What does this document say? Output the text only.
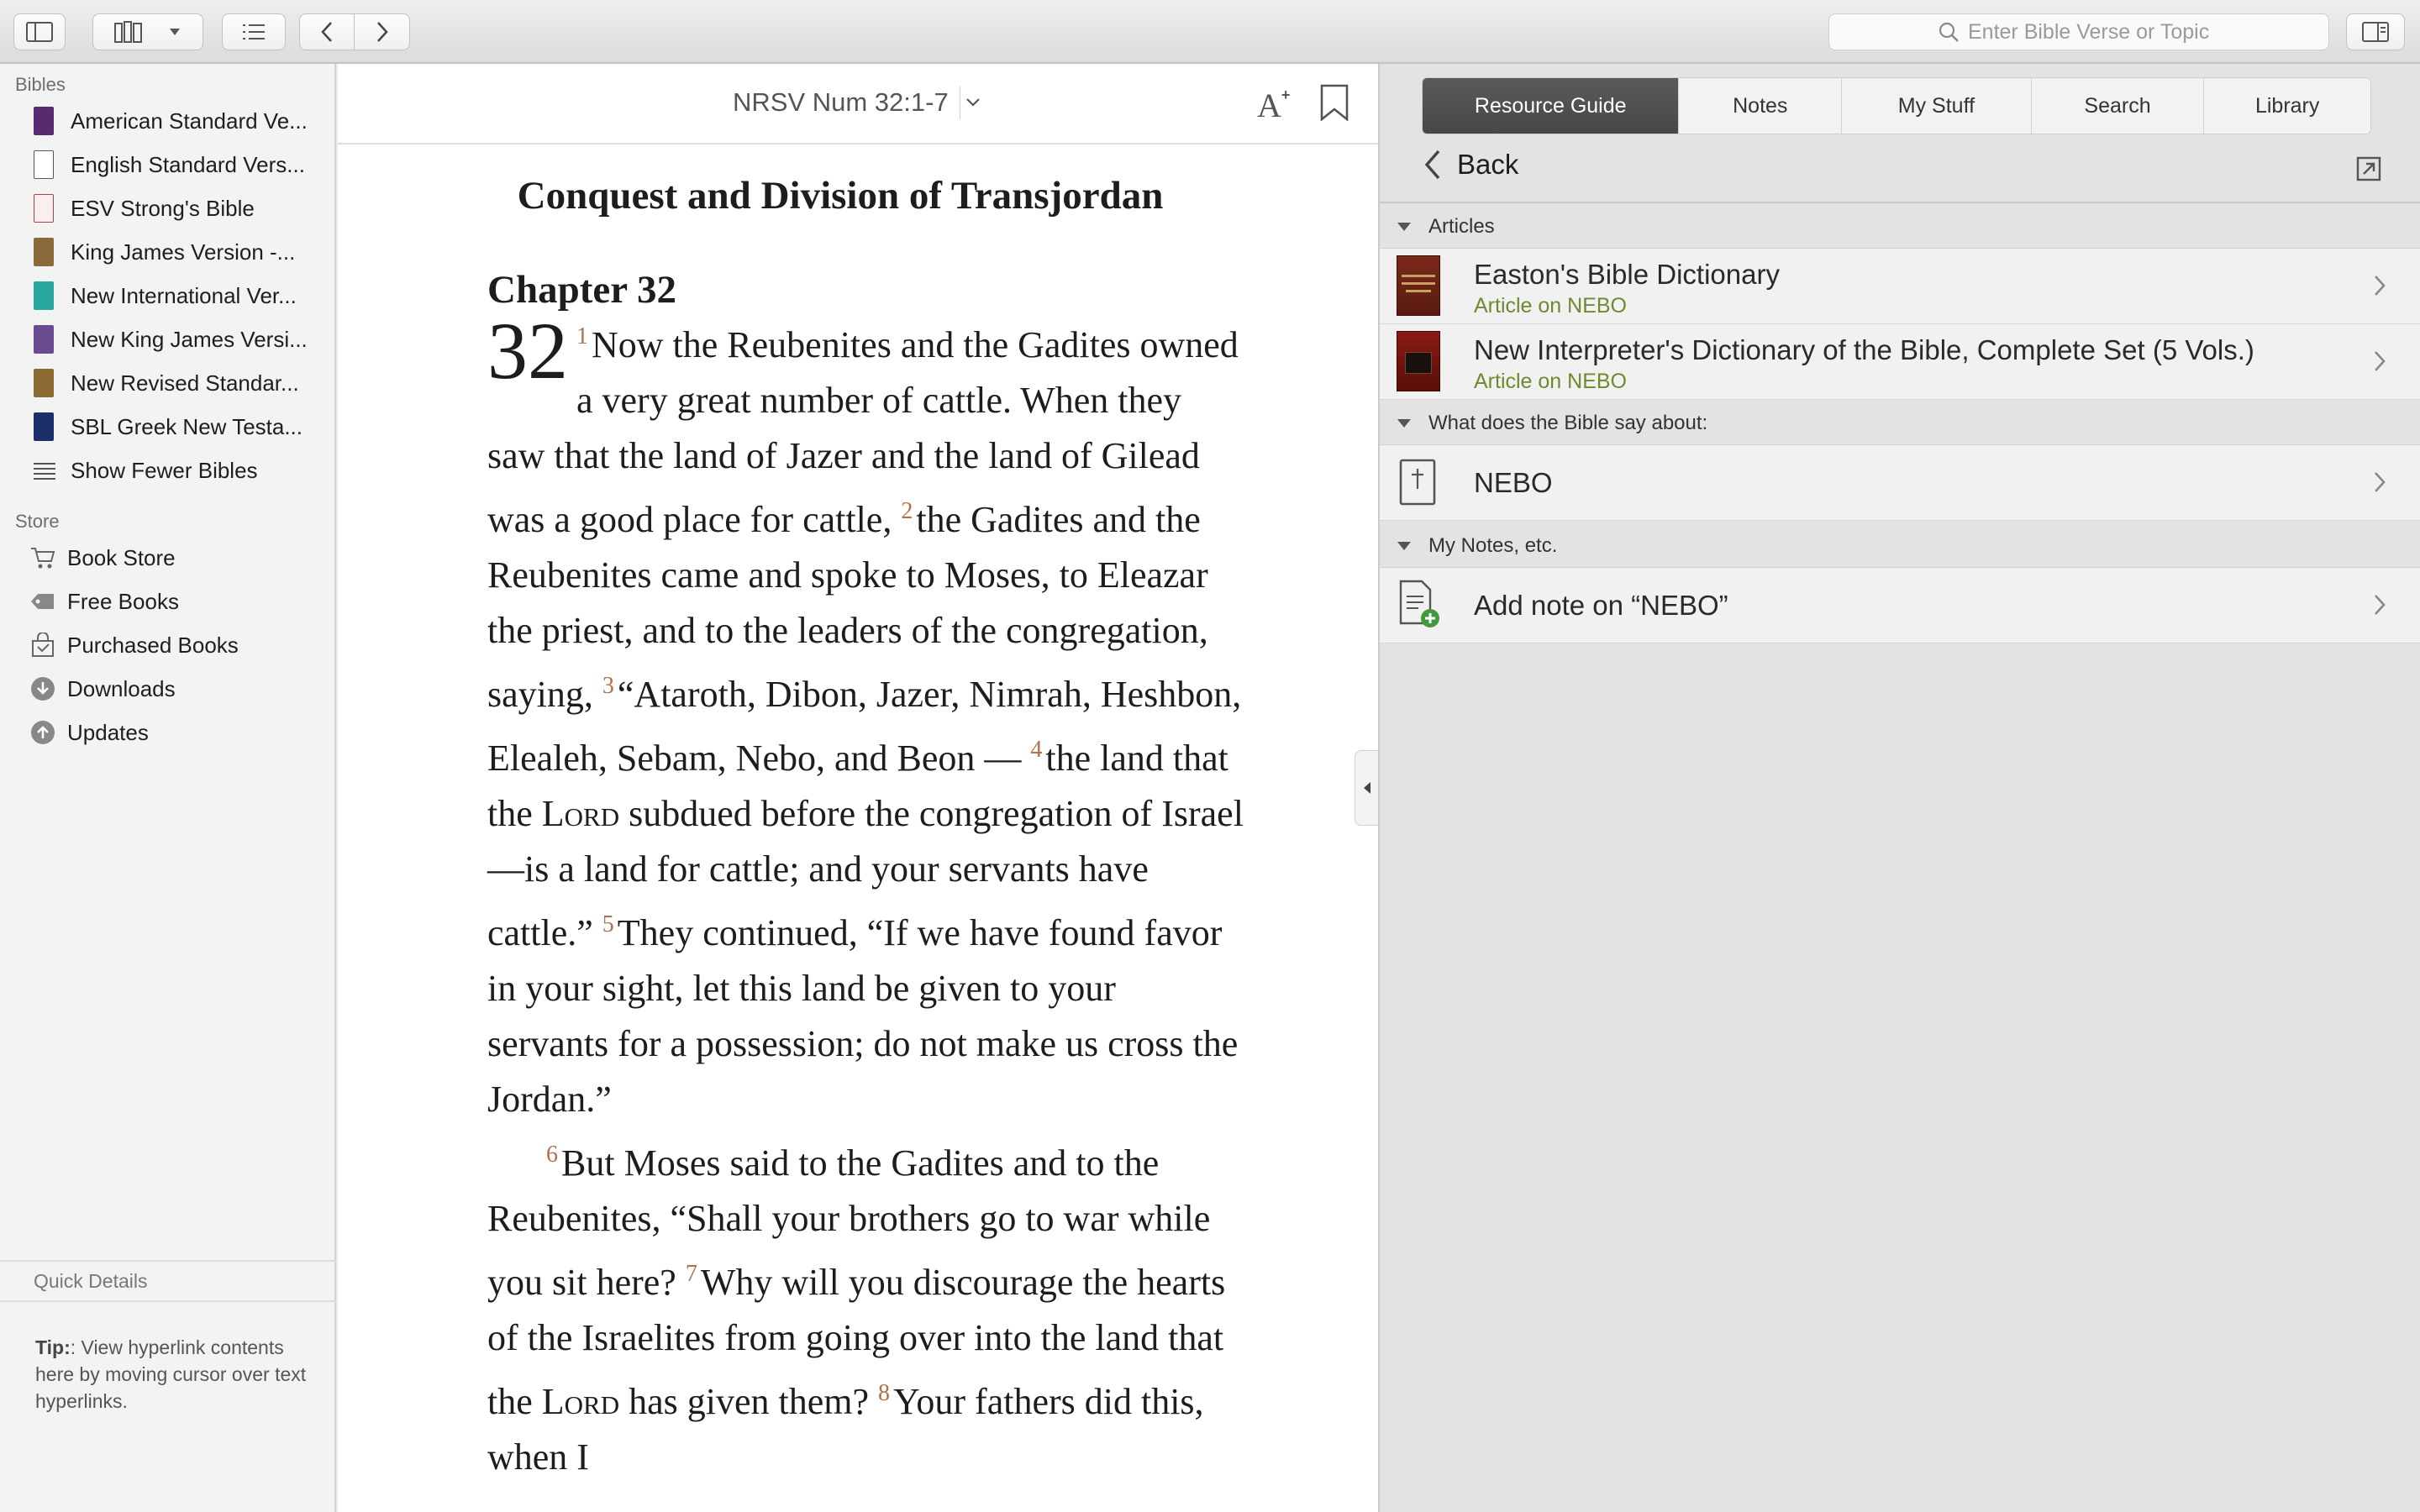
Enter Bible Verse or Topic
Bibles
American Standard Ve...
English Standard Vers...
ESV Strong's Bible
King James Version -...
New International Ver...
New King James Versi...
New Revised Standar...
SBL Greek New Testa...
Show Fewer Bibles
Store
Book Store
Free Books
Purchased Books
Downloads
Updates
Quick Details
Tip:: View hyperlink contents here by moving cursor over text hyperlinks.
NRSV Num 32:1-7	A+
Conquest and Division of Transjordan
Chapter 32

32 $^1$Now the Reubenites and the Gadites owned a very great number of cattle. When they saw that the land of Jazer and the land of Gilead was a good place for cattle, $^2$the Gadites and the Reubenites came and spoke to Moses, to Eleazar the priest, and to the leaders of the congregation, saying, $^3$“Ataroth, Dibon, Jazer, Nimrah, Heshbon, Elealeh, Sebam, Nebo, and Beon — $^4$the land that the Lord subdued before the congregation of Israel—is a land for cattle; and your servants have cattle.” $^5$They continued, “If we have found favor in your sight, let this land be given to your servants for a possession; do not make us cross the Jordan.”

$^6$But Moses said to the Gadites and to the Reubenites, “Shall your brothers go to war while you sit here? $^7$Why will you discourage the hearts of the Israelites from going over into the land that the Lord has given them? $^8$Your fathers did this, when I

Resource Guide	Notes	My Stuff	Search	Library
Back
Articles
Easton's Bible Dictionary
Article on NEBO
New Interpreter's Dictionary of the Bible, Complete Set (5 Vols.)
Article on NEBO
What does the Bible say about:
NEBO
My Notes, etc.
Add note on “NEBO”
